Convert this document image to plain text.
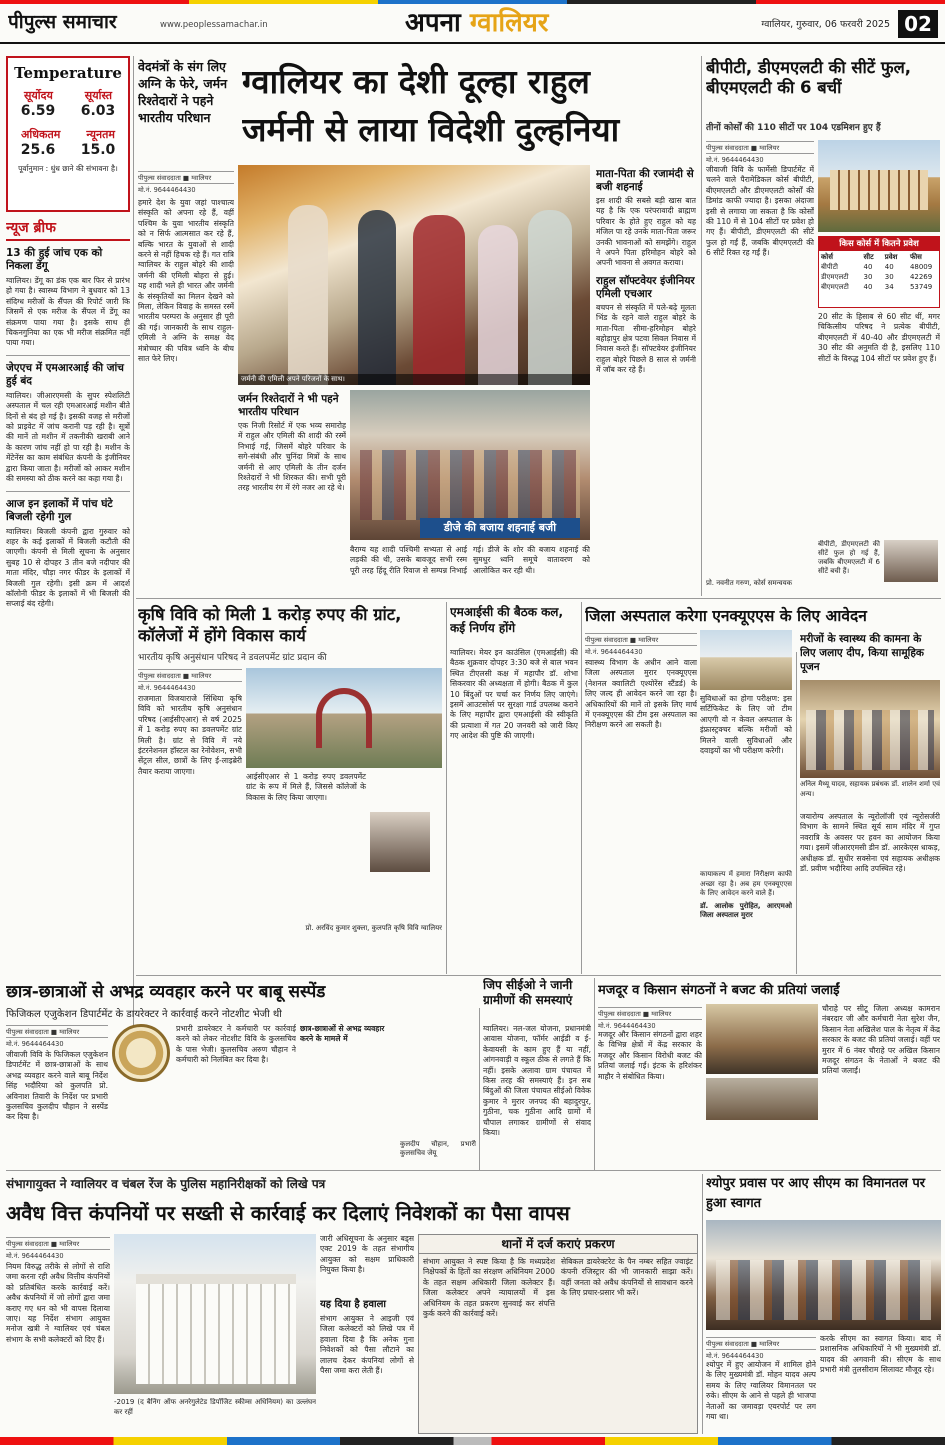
पीपुल्स समाचार	www.peoplessamachar.in	अपना ग्वालियर	ग्वालियर, गुरुवार, 06 फरवरी 2025 02
Temperature
सूर्योदय	सूर्यास्त
6.59 6.03
अधिकतम न्यूनतम
25.6 15.0
पूर्वानुमान : धुंध छाने की संभावना है।
न्यूज ब्रीफ
13 की हुई जांच एक को निकला डेंगू
ग्वालियर। डेंगू का डंक एक बार फिर से प्रारंभ हो गया है। स्वास्थ्य विभाग ने बुधवार को 13 संदिग्ध मरीजों के सैंपल की रिपोर्ट जारी कि जिसमें से एक मरीज के सैंपल में डेंगू का संक्रमण पाया गया है। इसके साथ ही चिकनगुनिया का एक भी मरीज संक्रमित नहीं पाया गया।
जेएएच में एमआरआई की जांच हुई बंद
ग्वालियर। जीआरएमसी के सुपर स्पेशलिटी अस्पताल में चल रही एमआरआई मशीन बीते दिनों से बंद हो गई है। इसकी वजह से मरीजों को प्राइवेट में जांच करानी पड़ रही है। सूत्रों की मानें तो मशीन में तकनीकी खराबी आने के कारण जांच नहीं हो पा रही है। मशीन के मेंटेनेंस का काम संबंधित कंपनी के इंजीनियर द्वारा किया जाता है। मरीजों को आकर मशीन की समस्या को ठीक करने का कहा गया है।
आज इन इलाकों में पांच घंटे बिजली रहेगी गुल
ग्वालियर। बिजली कंपनी द्वारा गुरुवार को शहर के कई इलाकों में बिजली कटौती की जाएगी। कंपनी से मिली सूचना के अनुसार सुबह 10 से दोपहर 3 तीन बजे नदीपार की माता मंदिर, चौड़ा नगर फीडर के इलाकों में बिजली गुल रहेगी। इसी क्रम में आदर्श कॉलोनी फीडर के इलाकों में भी बिजली की सप्लाई बंद रहेगी।
वेदमंत्रों के संग लिए अग्नि के फेरे, जर्मन रिश्तेदारों ने पहने भारतीय परिधान
ग्वालियर का देशी दूल्हा राहुल
जर्मनी से लाया विदेशी दुल्हनिया
पीपुल्स संवाददाता ■ ग्वालियर
मो.नं. 9644464430
जर्मनी की एमिली अपने परिजनों के साथ।
हमारे देश के युवा जहां पाश्चात्य संस्कृति को अपना रहे हैं, वहीं पश्चिम के युवा भारतीय संस्कृति को न सिर्फ आत्मसात कर रहे हैं, बल्कि भारत के युवाओं से शादी करने से नहीं हिचक रहे हैं। गत रात्रि ग्वालियर के राहुल बोहरे की शादी जर्मनी की एमिली बोहरा से हुई। यह शादी भले ही भारत और जर्मनी के संस्कृतियों का मिलन देखने को मिला, लेकिन विवाह के समस्त रस्में भारतीय परम्परा के अनुसार ही पूरी की गई। जानकारी के साथ राहुल-एमिली ने अग्नि के समक्ष वेद मंत्रोच्चार की पवित्र ध्वनि के बीच सात फेरे लिए।
जर्मन रिश्तेदारों ने भी पहने भारतीय परिधान
एक निजी रिसोर्ट में एक भव्य समारोह में राहुल और एमिली की शादी की रस्में निभाई गईं, जिसमें बोहरे परिवार के सगे-संबंधी और चुनिंदा मित्रों के साथ जर्मनी से आए एमिली के तीन दर्जन रिश्तेदारों ने भी शिरकत की। सभी पूरी तरह भारतीय रंग में रंगे नजर आ रहे थे।
डीजे की बजाय शहनाई बजी
बैराग्य यह शादी पश्चिमी सभ्यता से आई लड़की की थी, उसके बावजूद सभी रस्म पूरी तरह हिंदू रीति रिवाज से सम्पन्न निभाई गई। डीजे के शोर की बजाय शहनाई की सुमधुर ध्वनि समूचे वातावरण को आलोकित कर रही थी।
माता-पिता की रजामंदी से बजी शहनाई
इस शादी की सबसे बड़ी खास बात यह है कि एक परंपरावादी ब्राह्मण परिवार के होते हुए राहुल को यह मंजिल पा रहे उनके माता-पिता जरूर उनकी भावनाओं को समझेंगे। राहुल ने अपने पिता हरिमोहन बोहरे को अपनी भावना से अवगत कराया।
राहुल सॉफ्टवेयर इंजीनियर एमिली एचआर
बचपन से संस्कृति में पले-बढ़े मूलतः भिंड के रहने वाले राहुल बोहरे के माता-पिता सीमा-हरिमोहन बोहरे बहोड़ापुर क्षेत्र पटवा सिवल निवास में निवास करते हैं। सॉफ्टवेयर इंजीनियर राहुल बोहरे पिछले 8 साल से जर्मनी में जॉब कर रहे हैं।
बीपीटी, डीएमएलटी की सीटें फुल, बीएमएलटी की 6 बचीं
तीनों कोर्सों की 110 सीटों पर 104 एडमिशन हुए हैं
पीपुल्स संवाददाता ■ ग्वालियर
मो.नं. 9644464430
जीवाजी विवि के फार्मेसी डिपार्टमेंट में चलने वाले पैरामेडिकल कोर्स बीपीटी, बीएमएलटी और डीएमएलटी कोर्सों की डिमांड काफी ज्यादा है। इसका अंदाजा इसी से लगाया जा सकता है कि कोर्सों की 110 में से 104 सीटों पर प्रवेश हो गए हैं। बीपीटी, डीएमएलटी की सीटें फुल हो गईं हैं, जबकि बीएमएलटी की 6 सीटें रिक्त रह गईं हैं।
किस कोर्स में कितने प्रवेश
कोर्स	सीट	प्रवेश	फीस
बीपीटी	40	40	48009
डीएमएलटी	30	30	42269
बीएमएलटी	40	34	53749
20 सीट के हिसाब से 60 सीट थीं, मगर चिकित्सीय परिषद ने प्रत्येक बीपीटी, बीएमएलटी में 40-40 और डीएमएलटी में 30 सीट की अनुमति दी है, इसलिए 110 सीटों के विरुद्ध 104 सीटों पर प्रवेश हुए हैं।
बीपीटी, डीएमएलटी की सीटें फुल हो गई हैं, जबकि बीएमएलटी में 6 सीटें बची हैं।
प्रो. नवनीत गरुण, कोर्स समन्वयक
कृषि विवि को मिली 1 करोड़ रुपए की ग्रांट, कॉलेजों में होंगे विकास कार्य
भारतीय कृषि अनुसंधान परिषद ने डवलपमेंट ग्रांट प्रदान की
पीपुल्स संवाददाता ■ ग्वालियर
मो.नं. 9644464430
राजमाता विजयाराजे सिंधिया कृषि विवि को भारतीय कृषि अनुसंधान परिषद (आईसीएआर) से वर्ष 2025 में 1 करोड़ रुपए का डवलपमेंट ग्रांट मिली है। ग्रांट से विवि में नये इंटरनेशनल हॉस्टल का रेनोवेशन, सभी सेंट्रल सील, छात्रों के लिए ई-लाइब्रेरी तैयार कराया जाएगा।
आईसीएआर से 1 करोड़ रुपए डवलपमेंट ग्रांट के रूप में मिले हैं, जिससे कॉलेजों के विकास के लिए किया जाएगा।
प्रो. अरविंद कुमार शुक्ला, कुलपति कृषि विवि ग्वालियर
एमआईसी की बैठक कल, कई निर्णय होंगे
ग्वालियर। मेयर इन काउंसिल (एमआईसी) की बैठक शुक्रवार दोपहर 3:30 बजे से बाल भवन स्थित टीएलसी कक्ष में महापौर डॉ. शोभा सिकरवार की अध्यक्षता में होगी। बैठक में कुल 10 बिंदुओं पर चर्चा कर निर्णय लिए जाएंगे। इसमें आउटसोर्स पर सुरक्षा गार्ड उपलब्ध कराने के लिए महापौर द्वारा एमआईसी की स्वीकृति की प्रत्याशा में गत 20 जनवरी को जारी किए गए आदेश की पुष्टि की जाएगी।
जिला अस्पताल करेगा एनक्यूएएस के लिए आवेदन
पीपुल्स संवाददाता ■ ग्वालियर
मो.नं. 9644464430
स्वास्थ्य विभाग के अधीन आने वाला जिला अस्पताल मुरार एनक्यूएएस (नेशनल क्वालिटी एश्योरेंस स्टैंडर्ड) के लिए जल्द ही आवेदन करने जा रहा है। अधिकारियों की मानें तो इसके लिए मार्च में एनक्यूएएस की टीम इस अस्पताल का निरीक्षण करने आ सकती है।
सुविधाओं का होगा परीक्षण: इस सर्टिफिकेट के लिए जो टीम आएगी वो न केवल अस्पताल के इंफ्रास्ट्रक्चर बल्कि मरीजों को मिलने वाली सुविधाओं और दवाइयों का भी परीक्षण करेगी।
कायाकल्प में हमारा निरीक्षण काफी अच्छा रहा है। अब हम एनक्यूएएस के लिए आवेदन करने वाले हैं।
डॉ. आलोक पुरोहित, आरएमओ जिला अस्पताल मुरार
अनिल मैथ्यू यादव, सहायक प्रबंधक डॉ. शालेन शर्मा एवं अन्य।
जयारोग्य अस्पताल के न्यूरोलॉजी एवं न्यूरोसर्जरी विभाग के सामने स्थित सूर्य साम मंदिर में गुप्त नवरात्रि के अवसर पर हवन का आयोजन किया गया। इसमें जीआरएमसी डीन डॉ. आरकेएस धाकड़, अधीक्षक डॉ. सुधीर सक्सेना एवं सहायक अधीक्षक डॉ. प्रवीण भदौरिया आदि उपस्थित रहे।
छात्र-छात्राओं से अभद्र व्यवहार करने पर बाबू सस्पेंड
फिजिकल एजुकेशन डिपार्टमेंट के डायरेक्टर ने कार्रवाई करने नोटशीट भेजी थी
पीपुल्स संवाददाता ■ ग्वालियर
मो.नं. 9644464430
जीवाजी विवि के फिजिकल एजुकेशन डिपार्टमेंट में छात्र-छात्राओं के साथ अभद्र व्यवहार करने वाले बाबू निर्देश सिंह भदौरिया को कुलपति प्रो. अविनाश तिवारी के निर्देश पर प्रभारी कुलसचिव कुलदीप चौहान ने सस्पेंड कर दिया है।
प्रभारी डायरेक्टर ने कर्मचारी पर कार्रवाई करने को लेकर नोटशीट विवि के कुलसचिव के पास भेजी। कुलसचिव अरुण चौहान ने कर्मचारी को निलंबित कर दिया है।
छात्र-छात्राओं से अभद्र व्यवहार करने के मामले में
कुलदीप चौहान, प्रभारी कुलसचिव जेयू
जिप सीईओ ने जानी ग्रामीणों की समस्याएं
ग्वालियर। नल-जल योजना, प्रधानमंत्री आवास योजना, फॉर्मर आईडी व ई-केवायसी के काम हुए हैं या नहीं, आंगनवाड़ी व स्कूल ठीक से लगते हैं कि नहीं। इसके अलावा ग्राम पंचायत में किस तरह की समस्याएं हैं। इन सब बिंदुओं की जिला पंचायत सीईओ विवेक कुमार ने मुरार जनपद की बहादुरपुर, गुठीना, चक गुठीना आदि ग्रामों में चौपाल लगाकर ग्रामीणों से संवाद किया।
मजदूर व किसान संगठनों ने बजट की प्रतियां जलाईं
पीपुल्स संवाददाता ■ ग्वालियर
मो.नं. 9644464430
मजदूर और किसान संगठनों द्वारा शहर के विभिन्न क्षेत्रों में केंद्र सरकार के मजदूर और किसान विरोधी बजट की प्रतियां जलाई गईं। इंटक के हरिशंकर माहौर ने संबोधित किया।
चौराहे पर सीटू जिला अध्यक्ष कामरान नंबरदार जी और कर्मचारी नेता सुरेश जैन, किसान नेता अखिलेश पाल के नेतृत्व में केंद्र सरकार के बजट की प्रतियां जलाई। वहीं पर मुरार में 6 नंबर चौराहे पर अखिल किसान मजदूर संगठन के नेताओं ने बजट की प्रतियां जलाईं।
श्योपुर प्रवास पर आए सीएम का विमानतल पर हुआ स्वागत
पीपुल्स संवाददाता ■ ग्वालियर
मो.नं. 9644464430
श्योपुर में हुए आयोजन में शामिल होने के लिए मुख्यमंत्री डॉ. मोहन यादव अल्प समय के लिए ग्वालियर विमानतल पर रुके। सीएम के आने से पहले ही भाजपा नेताओं का जमावड़ा एयरपोर्ट पर लग गया था।
करके सीएम का स्वागत किया। बाद में प्रशासनिक अधिकारियों ने भी मुख्यमंत्री डॉ. यादव की अगवानी की। सीएम के साथ प्रभारी मंत्री तुलसीराम सिलावट मौजूद रहे।
संभागायुक्त ने ग्वालियर व चंबल रेंज के पुलिस महानिरीक्षकों को लिखे पत्र
अवैध वित्त कंपनियों पर सख्ती से कार्रवाई कर दिलाएं निवेशकों का पैसा वापस
पीपुल्स संवाददाता ■ ग्वालियर
मो.नं. 9644464430
नियम विरुद्ध तरीके से लोगों से राशि जमा करना रही अवैध वित्तीय कंपनियों को प्रतिबंधित करके कार्रवाई करें। अवैध कंपनियों में जो लोगों द्वारा जमा कराए गए धन को भी वापस दिलाया जाए। यह निर्देश संभाग आयुक्त मनोज खत्री ने ग्वालियर एवं चंबल संभाग के सभी कलेक्टरों को दिए हैं।
-2019 (द बैनिंग ऑफ अनरेगुलेटेड डिपॉजिट स्कीम्स अधिनियम) का उल्लंघन कर रहीं
जारी अधिसूचना के अनुसार बड्स एक्ट 2019 के तहत संभागीय आयुक्त को सक्षम प्राधिकारी नियुक्त किया है।
यह दिया है हवाला
संभाग आयुक्त ने आइजी एवं जिला कलेक्टरों को लिखे पत्र में हवाला दिया है कि अनेक गुना निवेशकों को पैसा लौटाने का लालच देकर कंपनियां लोगों से पैसा जमा करा लेती हैं।
थानों में दर्ज कराएं प्रकरण
संभाग आयुक्त ने स्पष्ट किया है कि मध्यप्रदेश निक्षेपकों के हितों का संरक्षण अधिनियम 2000 के तहत सक्षम अधिकारी जिला कलेक्टर हैं। जिला कलेक्टर अपने न्यायालयों में इस अधिनियम के तहत प्रकरण सुनवाई कर संपत्ति कुर्क करने की कार्रवाई करें।
सेबिकल डायरेक्टरेट के पैन नम्बर सहित ज्वाइंट कंपनी रजिस्ट्रार की भी जानकारी साझा करें। वहीं जनता को अवैध कंपनियों से सावधान करने के लिए प्रचार-प्रसार भी करें।
मरीजों के स्वास्थ्य की कामना के लिए जलाए दीप, किया सामूहिक पूजन
